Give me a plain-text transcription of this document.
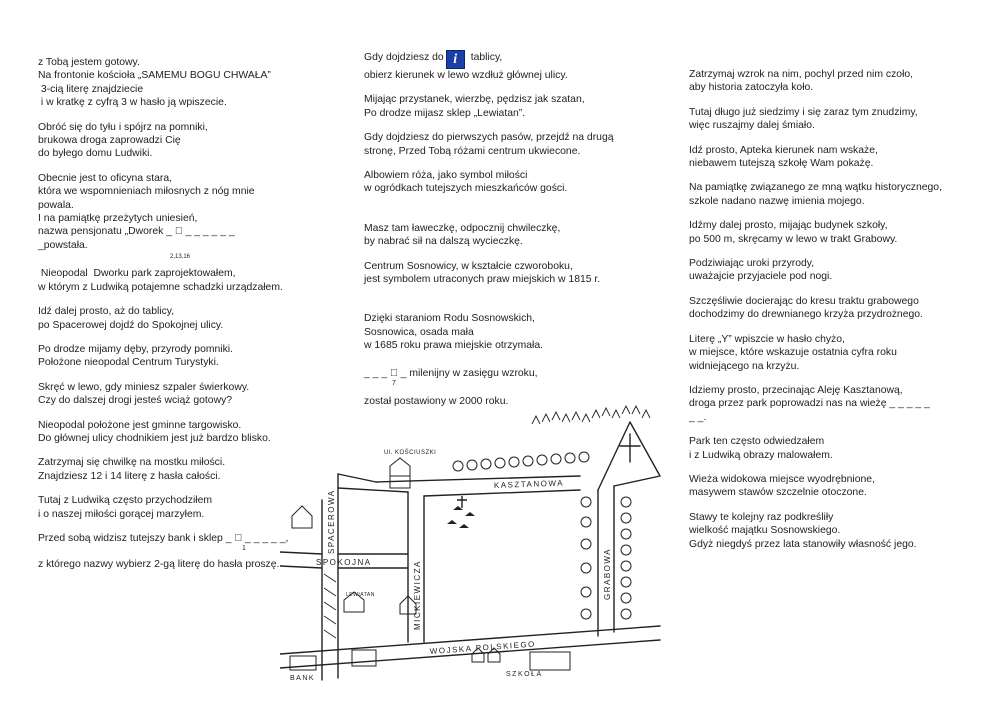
z Tobą jestem gotowy.
Na frontonie kościoła „SAMEMU BOGU CHWAŁA”
3-cią literę znajdziecie
i w kratkę z cyfrą 3 w hasło ją wpiszecie.

Obróć się do tyłu i spójrz na pomniki,
brukowa droga zaprowadzi Cię
do byłego domu Ludwiki.

Obecnie jest to oficyna stara,
która we wspomnieniach miłosnych z nóg mnie
powala.
I na pamiątkę przeżytych uniesień,
nazwa pensjonatu „Dworek _ ⃞ _ _ _ _ _ _
_powstała.
2,13,16

Nieopodal  Dworku park zaprojektowałem,
w którym z Ludwiką potajemne schadzki urządzałem.

Idź dalej prosto, aż do tablicy,
po Spacerowej dojdź do Spokojnej ulicy.

Po drodze mijamy dęby, przyrody pomniki.
Położone nieopodal Centrum Turystyki.

Skręć w lewo, gdy miniesz szpaler świerkowy.
Czy do dalszej drogi jesteś wciąż gotowy?

Nieopodal położone jest gminne targowisko.
Do głównej ulicy chodnikiem jest już bardzo blisko.

Zatrzymaj się chwilkę na mostku miłości.
Znajdziesz 12 i 14 literę z hasła całości.

Tutaj z Ludwiką często przychodziłem
i o naszej miłości gorącej marzyłem.

Przed sobą widzisz tutejszy bank i sklep _ ⃞ _ _ _ _ _,
1

z którego nazwy wybierz 2-gą literę do hasła proszę.

Gdy dojdziesz do i tablicy,
obierz kierunek w lewo wzdłuż głównej ulicy.

Mijając przystanek, wierzbę, pędzisz jak szatan,
Po drodze mijasz sklep „Lewiatan”.

Gdy dojdziesz do pierwszych pasów, przejdź na drugą
stronę, Przed Tobą różami centrum ukwiecone.

Albowiem róża, jako symbol miłości
w ogródkach tutejszych mieszkańców gości.

Masz tam ławeczkę, odpocznij chwileczkę,
by nabrać sił na dalszą wycieczkę.

Centrum Sosnowicy, w kształcie czworoboku,
jest symbolem utraconych praw miejskich w 1815 r.

Dzięki staraniom Rodu Sosnowskich,
Sosnowica, osada mała
w 1685 roku prawa miejskie otrzymała.

_ _ _ ⃞ _ milenijny w zasięgu wzroku,
7

został postawiony w 2000 roku.

Zatrzymaj wzrok na nim, pochyl przed nim czoło,
aby historia zatoczyła koło.

Tutaj długo już siedzimy i się zaraz tym znudzimy,
więc ruszajmy dalej śmiało.

Idź prosto, Apteka kierunek nam wskaże,
niebawem tutejszą szkołę Wam pokażę.

Na pamiątkę związanego ze mną wątku historycznego,
szkole nadano nazwę imienia mojego.

Idźmy dalej prosto, mijając budynek szkoły,
po 500 m, skręcamy w lewo w trakt Grabowy.

Podziwiając uroki przyrody,
uważajcie przyjaciele pod nogi.

Szczęśliwie docierając do kresu traktu grabowego
dochodzimy do drewnianego krzyża przydrożnego.

Literę „Y” wpiszcie w hasło chyżo,
w miejsce, które wskazuje ostatnia cyfra roku
widniejącego na krzyżu.

Idziemy prosto, przecinając Aleję Kasztanową,
droga przez park poprowadzi nas na wieżę _ _ _ _ _
_ _.

Park ten często odwiedzałem
i z Ludwiką obrazy malowałem.

Wieża widokowa miejsce wyodrębnione,
masywem stawów szczelnie otoczone.

Stawy te kolejny raz podkreśliły
wielkość majątku Sosnowskiego.
Gdyż niegdyś przez lata stanowiły własność jego.

KASZTANOWA
SPACEROWA
SPOKOJNA	MICKIEWICZA	GRABOWA
WOJSKA POLSKIEGO
Ul. KOŚCIUSZKI
BANK
SZKOŁA
LEWIATAN
